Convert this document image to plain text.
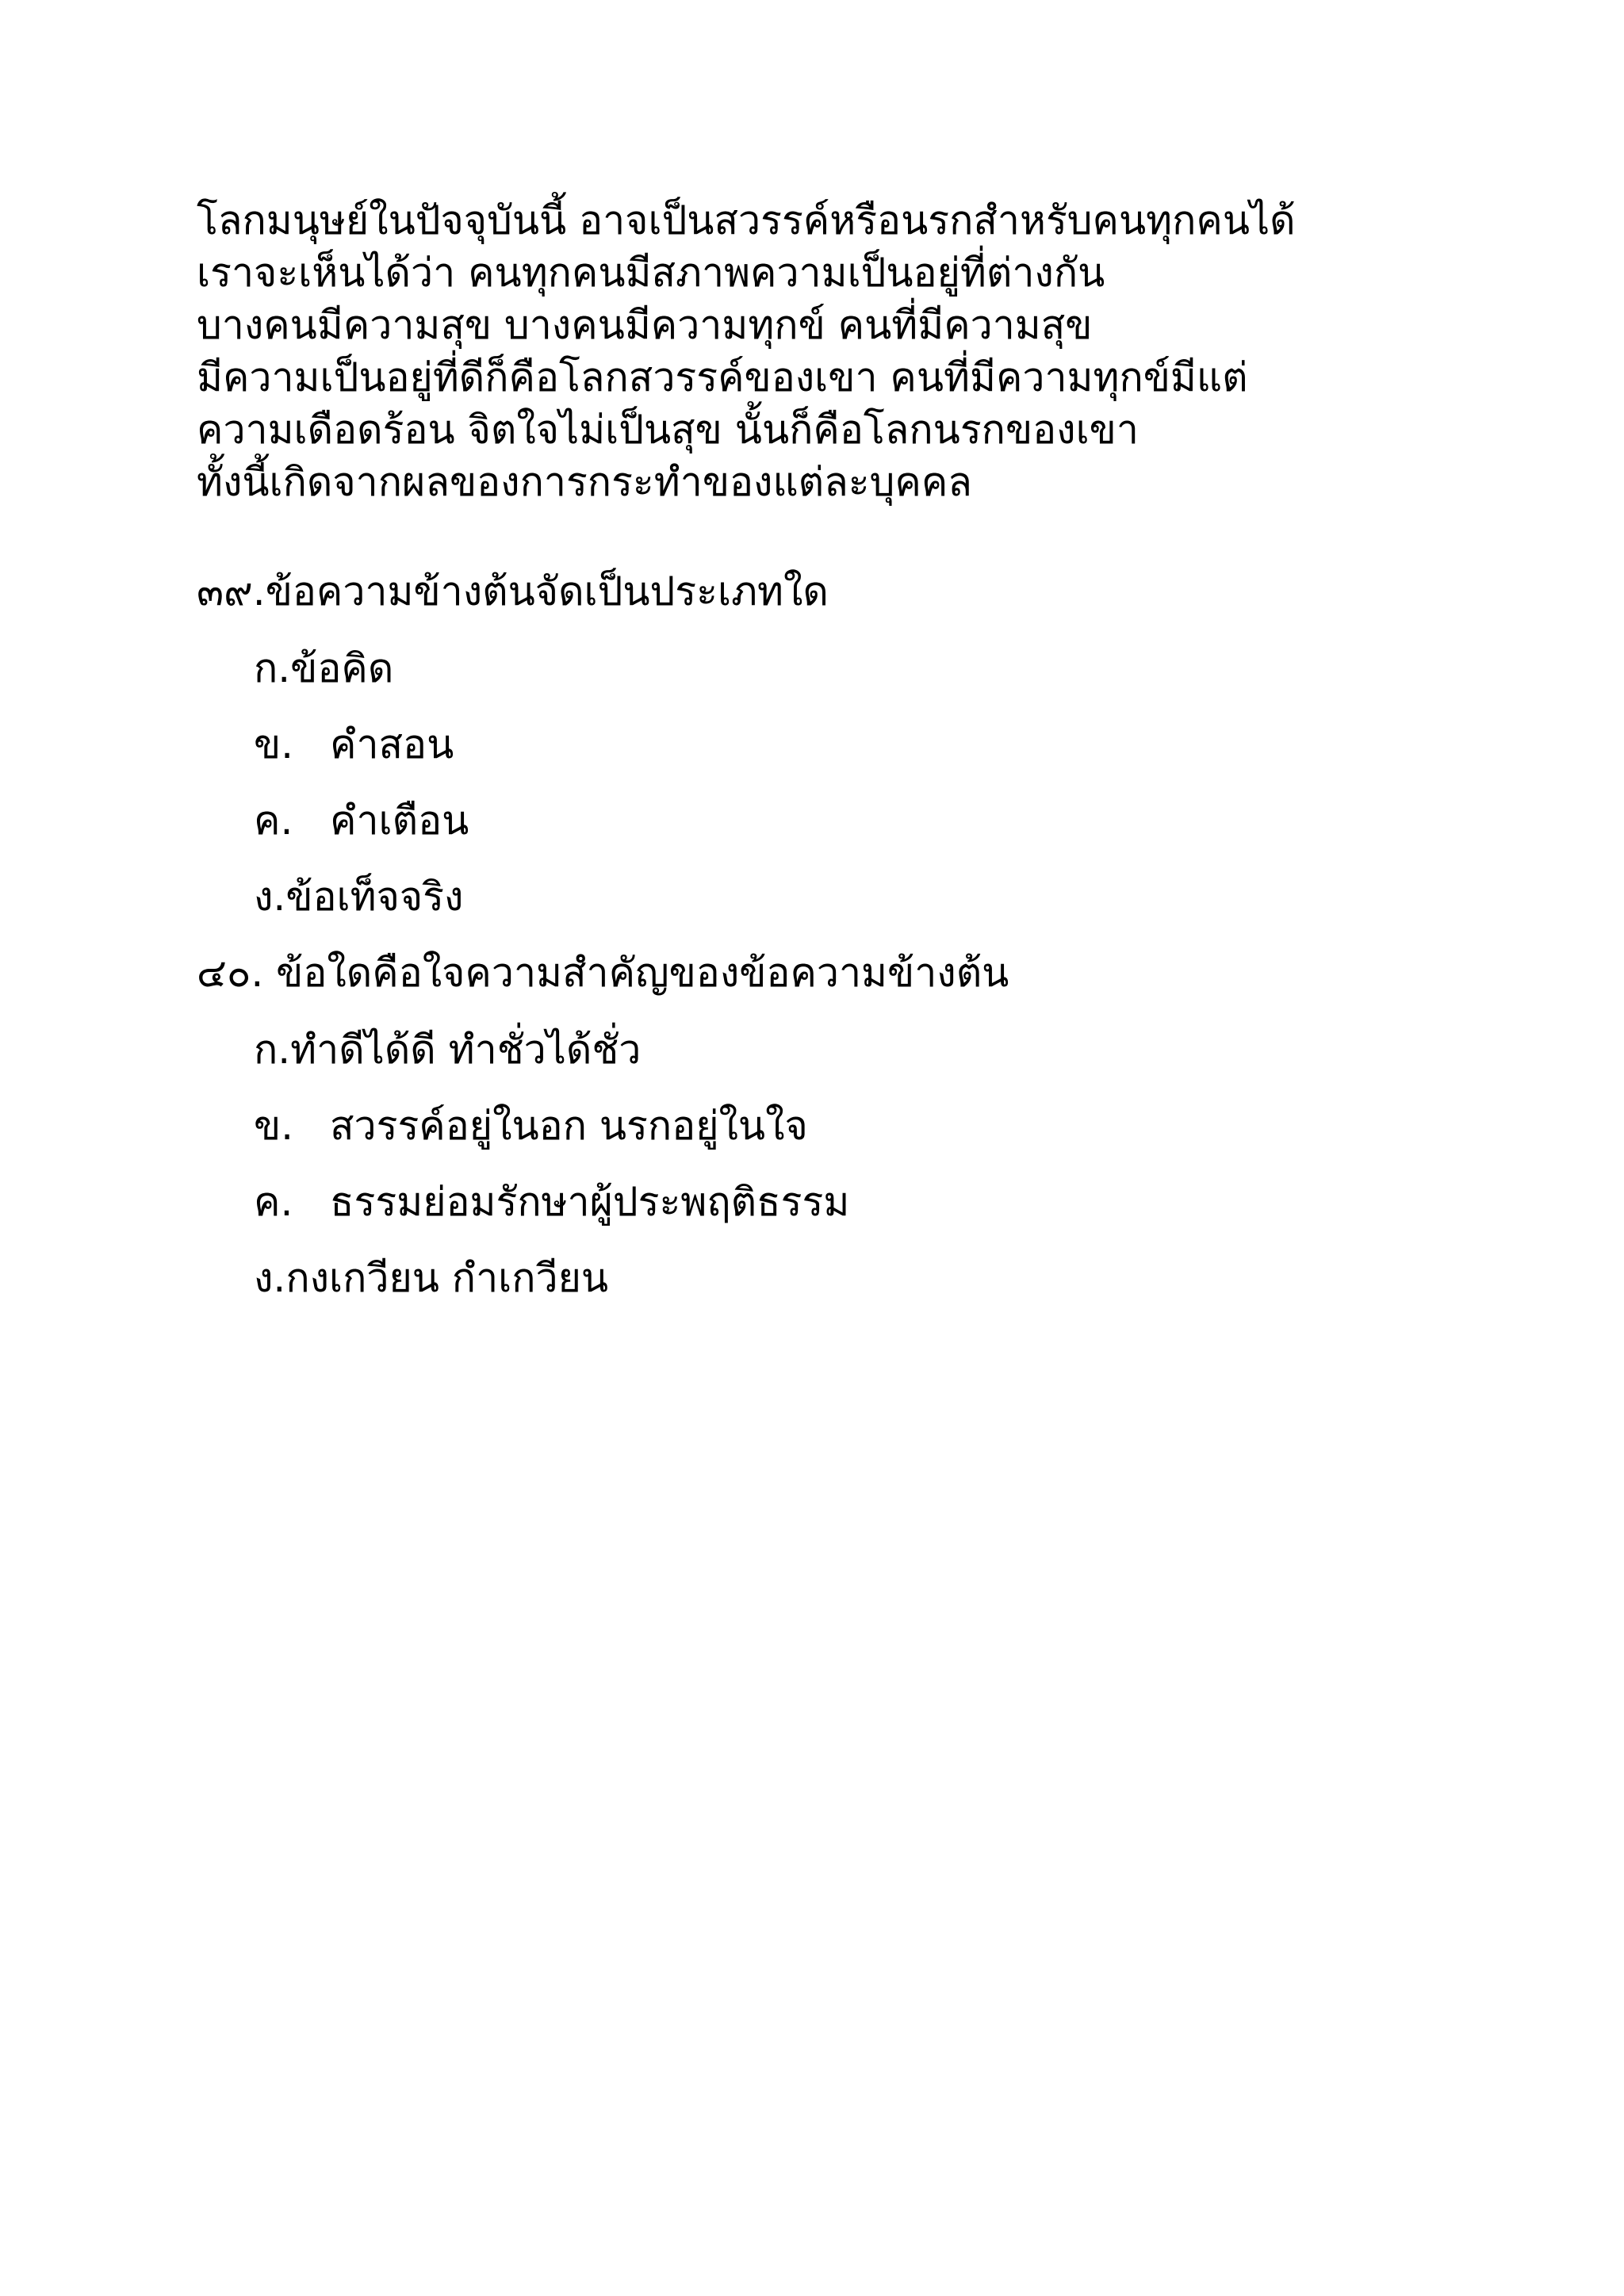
โลกมนุษย์ในปัจจุบันนี้ อาจเป็นสวรรค์หรือนรกสำหรับคนทุกคนได้
เราจะเห็นได้ว่า คนทุกคนมีสภาพความเป็นอยู่ที่ต่างกัน
บางคนมีความสุข บางคนมีความทุกข์ คนที่มีความสุข
มีความเป็นอยู่ที่ดีก็คือโลกสวรรค์ของเขา คนที่มีความทุกข์มีแต่
ความเดือดร้อน จิตใจไม่เป็นสุข นั้นก็คือโลกนรกของเขา
ทั้งนี้เกิดจากผลของการกระทำของแต่ละบุคคล
๓๙.ข้อความข้างต้นจัดเป็นประเภทใด
ก.ข้อคิด
ข. คำสอน
ค. คำเตือน
ง.ข้อเท็จจริง
๔๐. ข้อใดคือใจความสำคัญของข้อความข้างต้น
ก.ทำดีได้ดี ทำชั่วได้ชั่ว
ข. สวรรค์อยู่ในอก นรกอยู่ในใจ
ค. ธรรมย่อมรักษาผู้ประพฤติธรรม
ง.กงเกวียน กำเกวียน
